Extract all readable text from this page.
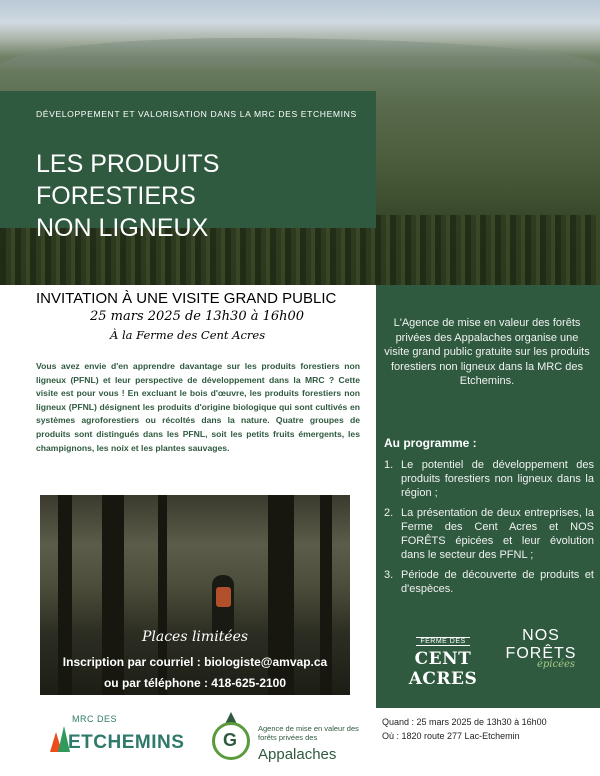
DÉVELOPPEMENT ET VALORISATION DANS LA MRC DES ETCHEMINS
LES PRODUITS FORESTIERS
NON LIGNEUX
INVITATION À UNE VISITE GRAND PUBLIC
25 mars 2025 de 13h30 à 16h00
À la Ferme des Cent Acres
Vous avez envie d'en apprendre davantage sur les produits forestiers non ligneux (PFNL) et leur perspective de développement dans la MRC ? Cette visite est pour vous ! En excluant le bois d'œuvre, les produits forestiers non ligneux (PFNL) désignent les produits d'origine biologique qui sont cultivés en systèmes agroforestiers ou récoltés dans la nature. Quatre groupes de produits sont distingués dans les PFNL, soit les petits fruits émergents, les champignons, les noix et les plantes sauvages.
Places limitées
Inscription par courriel : biologiste@amvap.ca
ou par téléphone : 418-625-2100
L'Agence de mise en valeur des forêts privées des Appalaches organise une visite grand public gratuite sur les produits forestiers non ligneux dans la MRC des Etchemins.
Au programme :
1. Le potentiel de développement des produits forestiers non ligneux dans la région ;
2. La présentation de deux entreprises, la Ferme des Cent Acres et NOS FORÊTS épicées et leur évolution dans le secteur des PFNL ;
3. Période de découverte de produits et d'espèces.
FERME DES
CENT ACRES
NOS
FORÊTS
épicées
MRC DES
ETCHEMINS G
Agence de mise en valeur des forêts privées des
Appalaches
Quand : 25 mars 2025 de 13h30 à 16h00
Où : 1820 route 277 Lac-Etchemin
